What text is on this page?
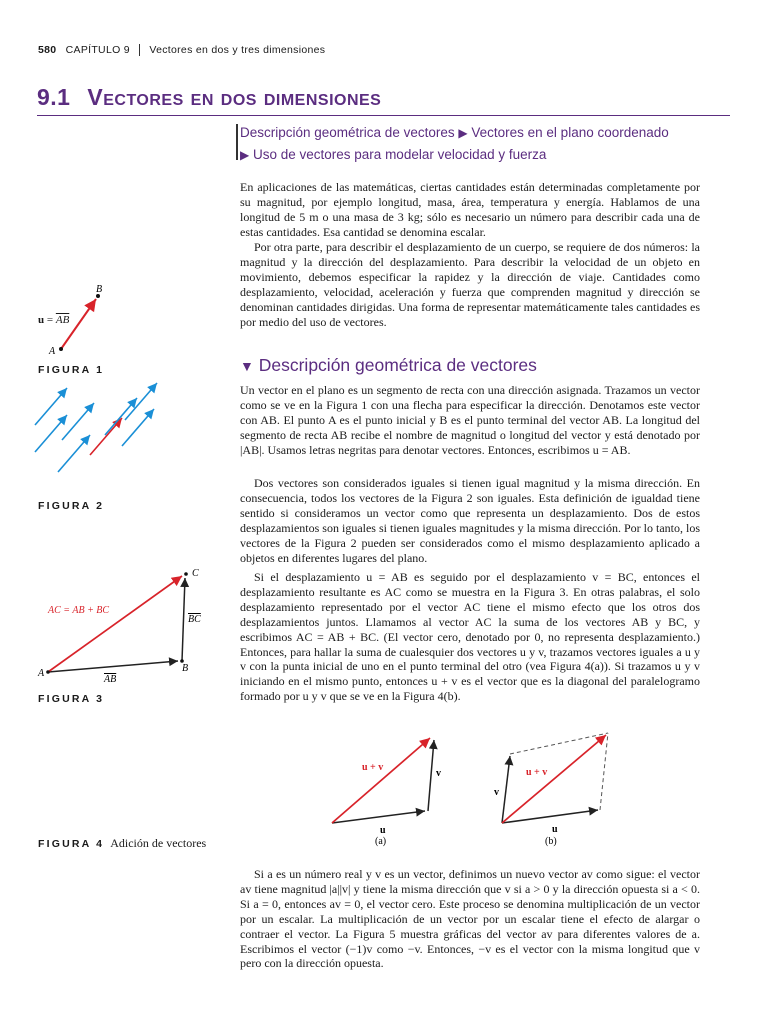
580 CAPÍTULO 9 Vectores en dos y tres dimensiones
9.1 Vectores en dos dimensiones
Descripción geométrica de vectores ▶ Vectores en el plano coordenado
▶ Uso de vectores para modelar velocidad y fuerza

En aplicaciones de las matemáticas, ciertas cantidades están determinadas completamente por su magnitud, por ejemplo longitud, masa, área, temperatura y energía. Hablamos de una longitud de 5 m o una masa de 3 kg; sólo es necesario un número para describir cada una de estas cantidades. Esa cantidad se denomina escalar.

Por otra parte, para describir el desplazamiento de un cuerpo, se requiere de dos números: la magnitud y la dirección del desplazamiento. Para describir la velocidad de un objeto en movimiento, debemos especificar la rapidez y la dirección de viaje. Cantidades como desplazamiento, velocidad, aceleración y fuerza que comprenden magnitud y dirección se denominan cantidades dirigidas. Una forma de representar matemáticamente tales cantidades es por medio del uso de vectores.

▼ Descripción geométrica de vectores

Un vector en el plano es un segmento de recta con una dirección asignada. Trazamos un vector como se ve en la Figura 1 con una flecha para especificar la dirección. Denotamos este vector con AB. El punto A es el punto inicial y B es el punto terminal del vector AB. La longitud del segmento de recta AB recibe el nombre de magnitud o longitud del vector y está denotado por |AB|. Usamos letras negritas para denotar vectores. Entonces, escribimos u = AB.

Dos vectores son considerados iguales si tienen igual magnitud y la misma dirección. En consecuencia, todos los vectores de la Figura 2 son iguales. Esta definición de igualdad tiene sentido si consideramos un vector como que representa un desplazamiento. Dos de estos desplazamientos son iguales si tienen iguales magnitudes y la misma dirección. Por lo tanto, los vectores de la Figura 2 pueden ser considerados como el mismo desplazamiento aplicado a objetos en diferentes lugares del plano.

Si el desplazamiento u = AB es seguido por el desplazamiento v = BC, entonces el desplazamiento resultante es AC como se muestra en la Figura 3. En otras palabras, el solo desplazamiento representado por el vector AC tiene el mismo efecto que los otros dos desplazamientos juntos. Llamamos al vector AC la suma de los vectores AB y BC, y escribimos AC = AB + BC. (El vector cero, denotado por 0, no representa desplazamiento.) Entonces, para hallar la suma de cualesquier dos vectores u y v, trazamos vectores iguales a u y v con la punta inicial de uno en el punto terminal del otro (vea Figura 4(a)). Si trazamos u y v iniciando en el mismo punto, entonces u + v es el vector que es la diagonal del paralelogramo formado por u y v que se ve en la Figura 4(b).

Si a es un número real y v es un vector, definimos un nuevo vector av como sigue: el vector av tiene magnitud |a||v| y tiene la misma dirección que v si a > 0 y la dirección opuesta si a < 0. Si a = 0, entonces av = 0, el vector cero. Este proceso se denomina multiplicación de un vector por un escalar. La multiplicación de un vector por un escalar tiene el efecto de alargar o contraer el vector. La Figura 5 muestra gráficas del vector av para diferentes valores de a. Escribimos el vector (−1)v como −v. Entonces, −v es el vector con la misma longitud que v pero con la dirección opuesta.

A
B
$u = \overline{AB}$
FIGURA 1
FIGURA 2
A	B
C
AB
BC
AC = AB + BC
FIGURA 3
u + v
v
u
(a)
u + v
v
u
(b)
FIGURA 4 Adición de vectores
